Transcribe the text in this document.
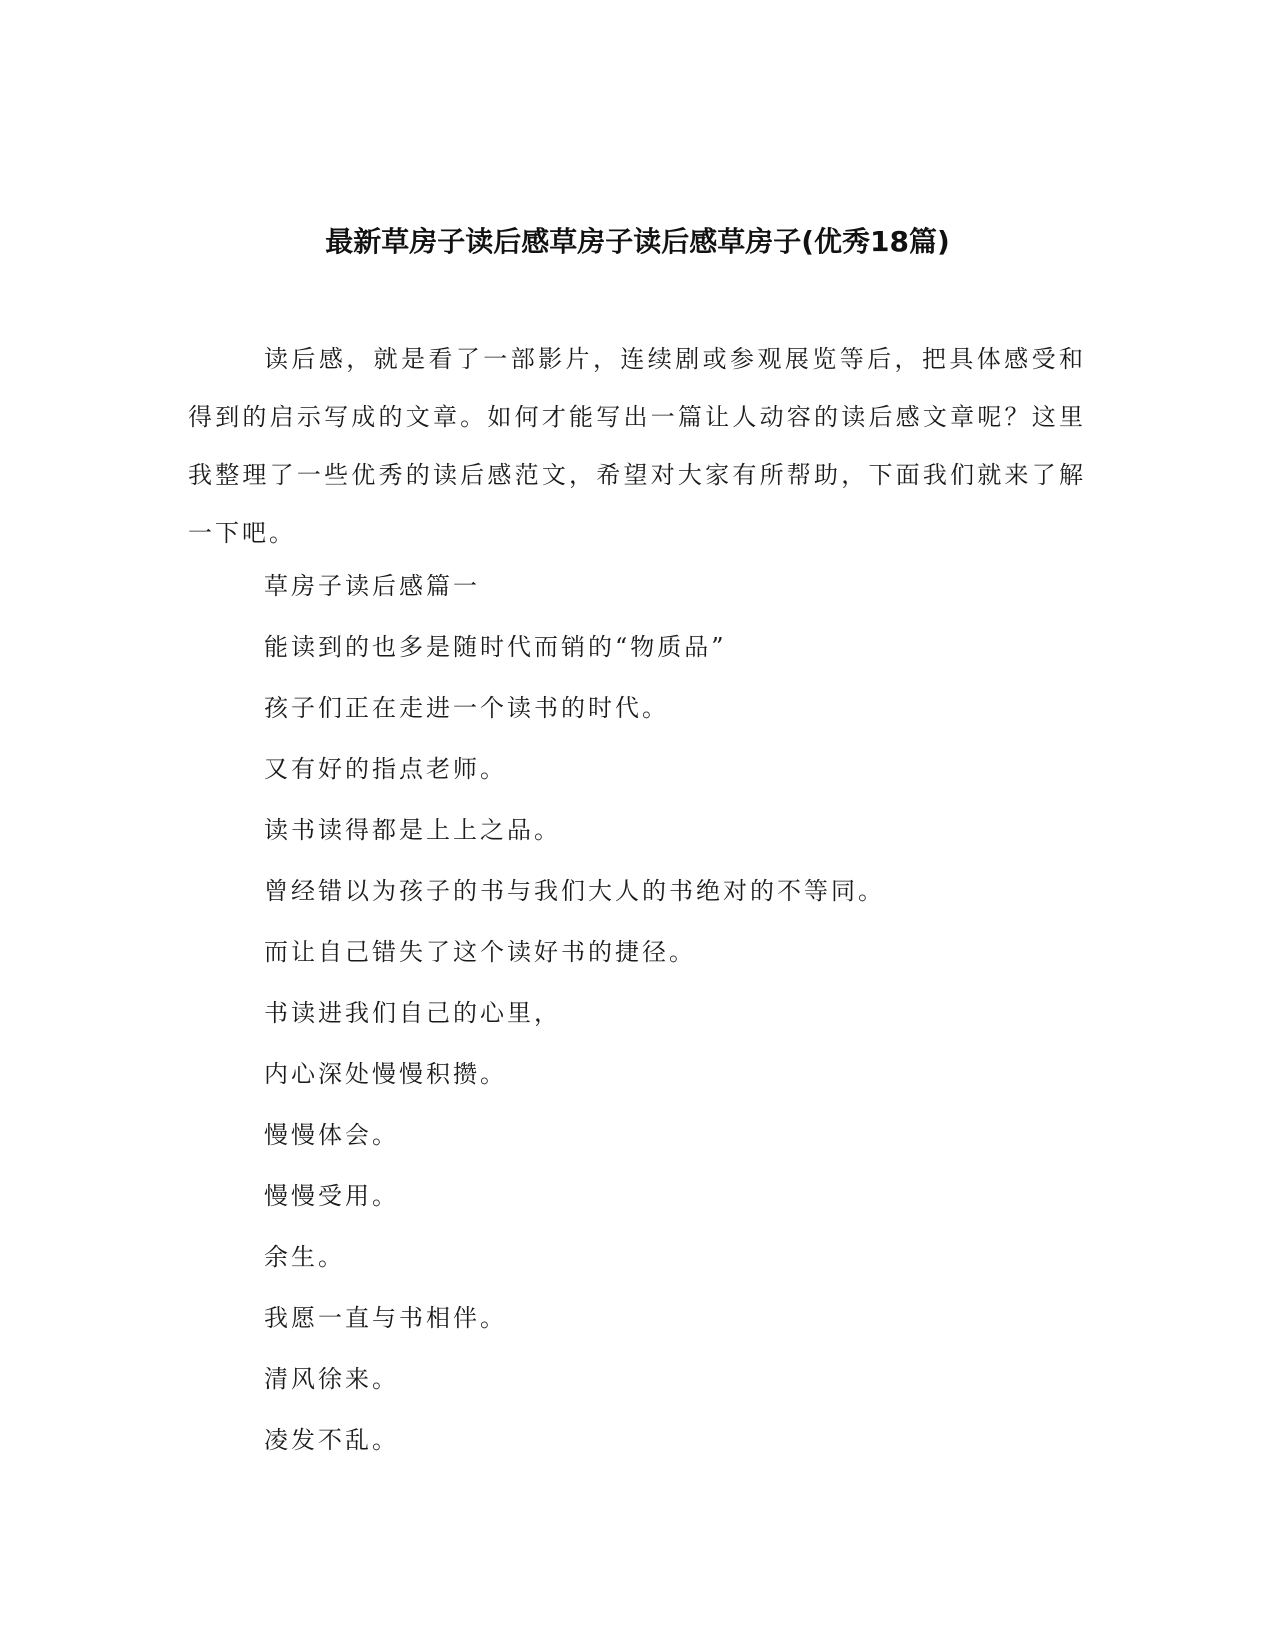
最新草房子读后感草房子读后感草房子(优秀18篇)

读后感，就是看了一部影片，连续剧或参观展览等后，把具体感受和得到的启示写成的文章。如何才能写出一篇让人动容的读后感文章呢？这里我整理了一些优秀的读后感范文，希望对大家有所帮助，下面我们就来了解一下吧。

草房子读后感篇一
能读到的也多是随时代而销的“物质品”
孩子们正在走进一个读书的时代。
又有好的指点老师。
读书读得都是上上之品。
曾经错以为孩子的书与我们大人的书绝对的不等同。
而让自己错失了这个读好书的捷径。
书读进我们自己的心里，
内心深处慢慢积攒。
慢慢体会。
慢慢受用。
余生。
我愿一直与书相伴。
清风徐来。
凌发不乱。
